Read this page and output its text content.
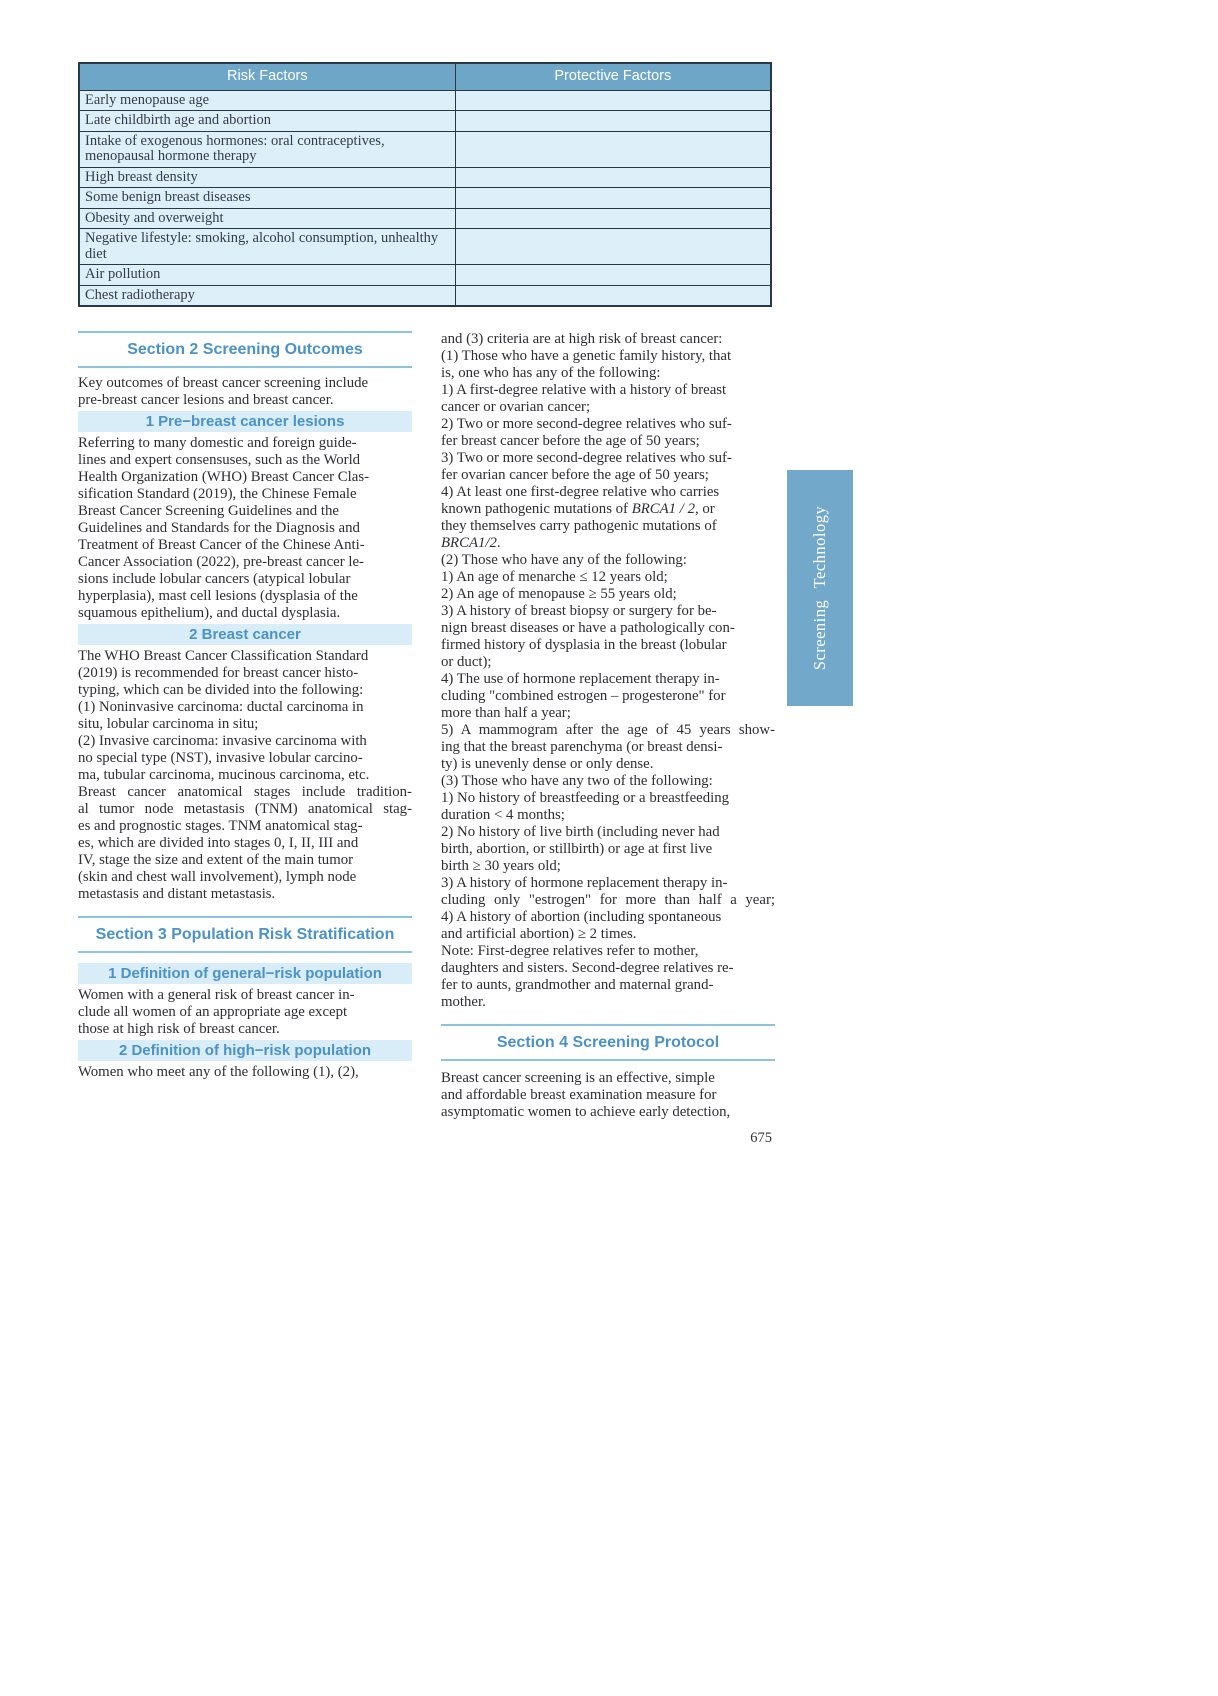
Risk Factors	Protective Factors
Early menopause age	
Late childbirth age and abortion	
Intake of exogenous hormones: oral contraceptives, menopausal hormone therapy	
High breast density	
Some benign breast diseases	
Obesity and overweight	
Negative lifestyle: smoking, alcohol consumption, unhealthy diet	
Air pollution	
Chest radiotherapy	
Section 2 Screening Outcomes
Key outcomes of breast cancer screening include
pre-breast cancer lesions and breast cancer.
1 Pre−breast cancer lesions
Referring to many domestic and foreign guide-
lines and expert consensuses, such as the World
Health Organization (WHO) Breast Cancer Clas-
sification Standard (2019), the Chinese Female
Breast Cancer Screening Guidelines and the
Guidelines and Standards for the Diagnosis and
Treatment of Breast Cancer of the Chinese Anti-
Cancer Association (2022), pre-breast cancer le-
sions include lobular cancers (atypical lobular
hyperplasia), mast cell lesions (dysplasia of the
squamous epithelium), and ductal dysplasia.
2 Breast cancer
The WHO Breast Cancer Classification Standard
(2019) is recommended for breast cancer histo-
typing, which can be divided into the following:
(1) Noninvasive carcinoma: ductal carcinoma in
situ, lobular carcinoma in situ;
(2) Invasive carcinoma: invasive carcinoma with
no special type (NST), invasive lobular carcino-
ma, tubular carcinoma, mucinous carcinoma, etc.
Breast cancer anatomical stages include tradition-
al tumor node metastasis (TNM) anatomical stag-
es and prognostic stages. TNM anatomical stag-
es, which are divided into stages 0, I, II, III and
IV, stage the size and extent of the main tumor
(skin and chest wall involvement), lymph node
metastasis and distant metastasis.
Section 3 Population Risk Stratification
1 Definition of general−risk population
Women with a general risk of breast cancer in-
clude all women of an appropriate age except
those at high risk of breast cancer.
2 Definition of high−risk population
Women who meet any of the following (1), (2),
and (3) criteria are at high risk of breast cancer:
(1) Those who have a genetic family history, that
is, one who has any of the following:
1) A first-degree relative with a history of breast
cancer or ovarian cancer;
2) Two or more second-degree relatives who suf-
fer breast cancer before the age of 50 years;
3) Two or more second-degree relatives who suf-
fer ovarian cancer before the age of 50 years;
4) At least one first-degree relative who carries
known pathogenic mutations of BRCA1 / 2, or
they themselves carry pathogenic mutations of
BRCA1/2.
(2) Those who have any of the following:
1) An age of menarche ≤ 12 years old;
2) An age of menopause ≥ 55 years old;
3) A history of breast biopsy or surgery for be-
nign breast diseases or have a pathologically con-
firmed history of dysplasia in the breast (lobular
or duct);
4) The use of hormone replacement therapy in-
cluding "combined estrogen – progesterone" for
more than half a year;
5) A mammogram after the age of 45 years show-
ing that the breast parenchyma (or breast densi-
ty) is unevenly dense or only dense.
(3) Those who have any two of the following:
1) No history of breastfeeding or a breastfeeding
duration < 4 months;
2) No history of live birth (including never had
birth, abortion, or stillbirth) or age at first live
birth ≥ 30 years old;
3) A history of hormone replacement therapy in-
cluding only "estrogen" for more than half a year;
4) A history of abortion (including spontaneous
and artificial abortion) ≥ 2 times.
Note: First-degree relatives refer to mother,
daughters and sisters. Second-degree relatives re-
fer to aunts, grandmother and maternal grand-
mother.
Section 4 Screening Protocol
Breast cancer screening is an effective, simple
and affordable breast examination measure for
asymptomatic women to achieve early detection,
Screening Technology
675
